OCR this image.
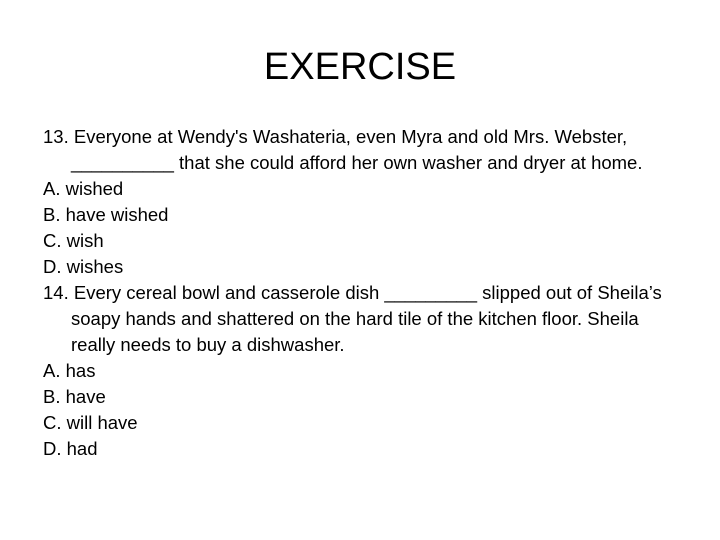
EXERCISE

13. Everyone at Wendy's Washateria, even Myra and old Mrs. Webster, __________ that she could afford her own washer and dryer at home.

A. wished

B. have wished

C. wish

D. wishes

14. Every cereal bowl and casserole dish _________ slipped out of Sheila’s soapy hands and shattered on the hard tile of the kitchen floor. Sheila really needs to buy a dishwasher.

A. has

B. have

C. will have

D. had
